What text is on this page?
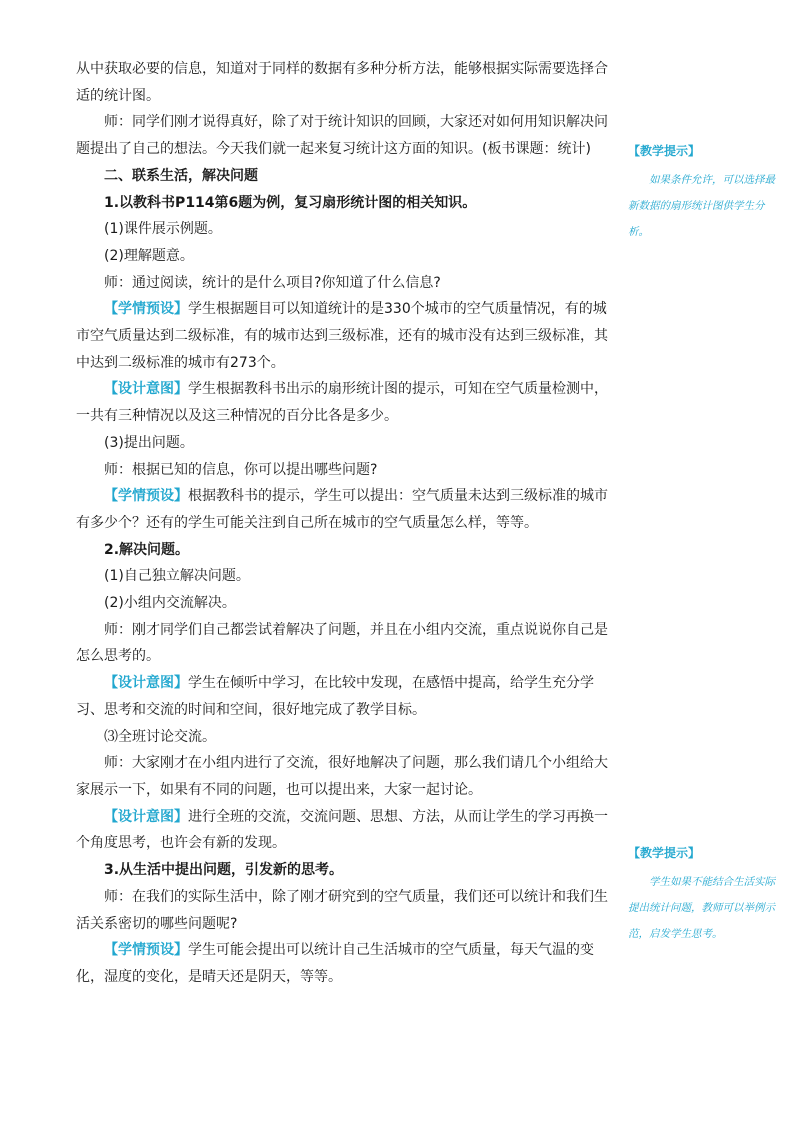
从中获取必要的信息，知道对于同样的数据有多种分析方法，能够根据实际需要选择合适的统计图。

师：同学们刚才说得真好，除了对于统计知识的回顾，大家还对如何用知识解决问题提出了自己的想法。今天我们就一起来复习统计这方面的知识。(板书课题：统计)

二、联系生活，解决问题

1.以教科书P114第6题为例，复习扇形统计图的相关知识。

(1)课件展示例题。

(2)理解题意。

师：通过阅读，统计的是什么项目?你知道了什么信息?

【学情预设】学生根据题目可以知道统计的是330个城市的空气质量情况，有的城市空气质量达到二级标准，有的城市达到三级标准，还有的城市没有达到三级标准，其中达到二级标准的城市有273个。

【设计意图】学生根据教科书出示的扇形统计图的提示，可知在空气质量检测中，一共有三种情况以及这三种情况的百分比各是多少。

(3)提出问题。

师：根据已知的信息，你可以提出哪些问题?

【学情预设】根据教科书的提示，学生可以提出：空气质量未达到三级标准的城市有多少个？还有的学生可能关注到自己所在城市的空气质量怎么样，等等。

2.解决问题。

(1)自己独立解决问题。

(2)小组内交流解决。

师：刚才同学们自己都尝试着解决了问题，并且在小组内交流，重点说说你自己是怎么思考的。

【设计意图】学生在倾听中学习，在比较中发现，在感悟中提高，给学生充分学习、思考和交流的时间和空间，很好地完成了教学目标。

⑶全班讨论交流。

师：大家刚才在小组内进行了交流，很好地解决了问题，那么我们请几个小组给大家展示一下，如果有不同的问题，也可以提出来，大家一起讨论。

【设计意图】进行全班的交流，交流问题、思想、方法，从而让学生的学习再换一个角度思考，也许会有新的发现。

3.从生活中提出问题，引发新的思考。

师：在我们的实际生活中，除了刚才研究到的空气质量，我们还可以统计和我们生活关系密切的哪些问题呢?

【学情预设】学生可能会提出可以统计自己生活城市的空气质量，每天气温的变化，湿度的变化，是晴天还是阴天，等等。

【教学提示】

如果条件允许，可以选择最新数据的扇形统计图供学生分析。

【教学提示】

学生如果不能结合生活实际提出统计问题，教师可以举例示范，启发学生思考。
